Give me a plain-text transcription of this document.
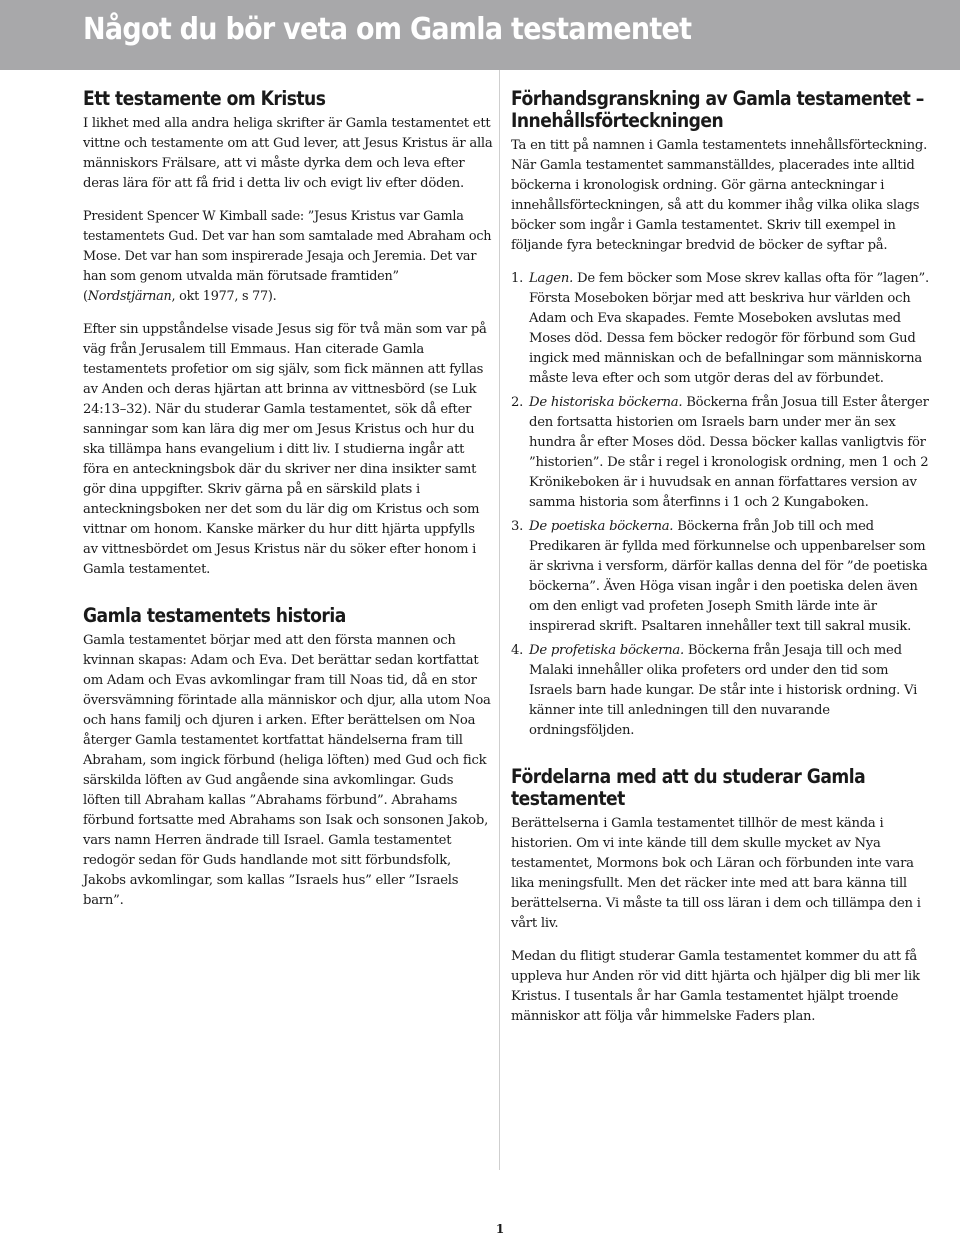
Något du bör veta om Gamla testamentet
Ett testamente om Kristus

I likhet med alla andra heliga skrifter är Gamla testamentet ett vittne och testamente om att Gud lever, att Jesus Kristus är alla människors Frälsare, att vi måste dyrka dem och leva efter deras lära för att få frid i detta liv och evigt liv efter döden.

President Spencer W Kimball sade: ”Jesus Kristus var Gamla testamentets Gud. Det var han som samtalade med Abraham och Mose. Det var han som inspirerade Jesaja och Jeremia. Det var han som genom utvalda män förutsade framtiden” (Nordstjärnan, okt 1977, s 77).

Efter sin uppståndelse visade Jesus sig för två män som var på väg från Jerusalem till Emmaus. Han citerade Gamla testamentets profetior om sig själv, som fick männen att fyllas av Anden och deras hjärtan att brinna av vittnesbörd (se Luk 24:13–32). När du studerar Gamla testamentet, sök då efter sanningar som kan lära dig mer om Jesus Kristus och hur du ska tillämpa hans evangelium i ditt liv. I studierna ingår att föra en anteckningsbok där du skriver ner dina insikter samt gör dina uppgifter. Skriv gärna på en särskild plats i anteckningsboken ner det som du lär dig om Kristus och som vittnar om honom. Kanske märker du hur ditt hjärta uppfylls av vittnesbördet om Jesus Kristus när du söker efter honom i Gamla testamentet.

Gamla testamentets historia

Gamla testamentet börjar med att den första mannen och kvinnan skapas: Adam och Eva. Det berättar sedan kortfattat om Adam och Evas avkomlingar fram till Noas tid, då en stor översvämning förintade alla människor och djur, alla utom Noa och hans familj och djuren i arken. Efter berättelsen om Noa återger Gamla testamentet kortfattat händelserna fram till Abraham, som ingick förbund (heliga löften) med Gud och fick särskilda löften av Gud angående sina avkomlingar. Guds löften till Abraham kallas ”Abrahams förbund”. Abrahams förbund fortsatte med Abrahams son Isak och sonsonen Jakob, vars namn Herren ändrade till Israel. Gamla testamentet redogör sedan för Guds handlande mot sitt förbundsfolk, Jakobs avkomlingar, som kallas ”Israels hus” eller ”Israels barn”.

Förhandsgranskning av Gamla testamentet – Innehållsförteckningen

Ta en titt på namnen i Gamla testamentets innehållsförteckning. När Gamla testamentet sammanställdes, placerades inte alltid böckerna i kronologisk ordning. Gör gärna anteckningar i innehållsförteckningen, så att du kommer ihåg vilka olika slags böcker som ingår i Gamla testamentet. Skriv till exempel in följande fyra beteckningar bredvid de böcker de syftar på.

1. Lagen. De fem böcker som Mose skrev kallas ofta för ”lagen”. Första Moseboken börjar med att beskriva hur världen och Adam och Eva skapades. Femte Moseboken avslutas med Moses död. Dessa fem böcker redogör för förbund som Gud ingick med människan och de befallningar som människorna måste leva efter och som utgör deras del av förbundet.
2. De historiska böckerna. Böckerna från Josua till Ester återger den fortsatta historien om Israels barn under mer än sex hundra år efter Moses död. Dessa böcker kallas vanligtvis för ”historien”. De står i regel i kronologisk ordning, men 1 och 2 Krönikeboken är i huvudsak en annan författares version av samma historia som återfinns i 1 och 2 Kungaboken.
3. De poetiska böckerna. Böckerna från Job till och med Predikaren är fyllda med förkunnelse och uppenbarelser som är skrivna i versform, därför kallas denna del för ”de poetiska böckerna”. Även Höga visan ingår i den poetiska delen även om den enligt vad profeten Joseph Smith lärde inte är inspirerad skrift. Psaltaren innehåller text till sakral musik.
4. De profetiska böckerna. Böckerna från Jesaja till och med Malaki innehåller olika profeters ord under den tid som Israels barn hade kungar. De står inte i historisk ordning. Vi känner inte till anledningen till den nuvarande ordningsföljden.
Fördelarna med att du studerar Gamla testamentet

Berättelserna i Gamla testamentet tillhör de mest kända i historien. Om vi inte kände till dem skulle mycket av Nya testamentet, Mormons bok och Läran och förbunden inte vara lika meningsfullt. Men det räcker inte med att bara känna till berättelserna. Vi måste ta till oss läran i dem och tillämpa den i vårt liv.

Medan du flitigt studerar Gamla testamentet kommer du att få uppleva hur Anden rör vid ditt hjärta och hjälper dig bli mer lik Kristus. I tusentals år har Gamla testamentet hjälpt troende människor att följa vår himmelske Faders plan.

1
